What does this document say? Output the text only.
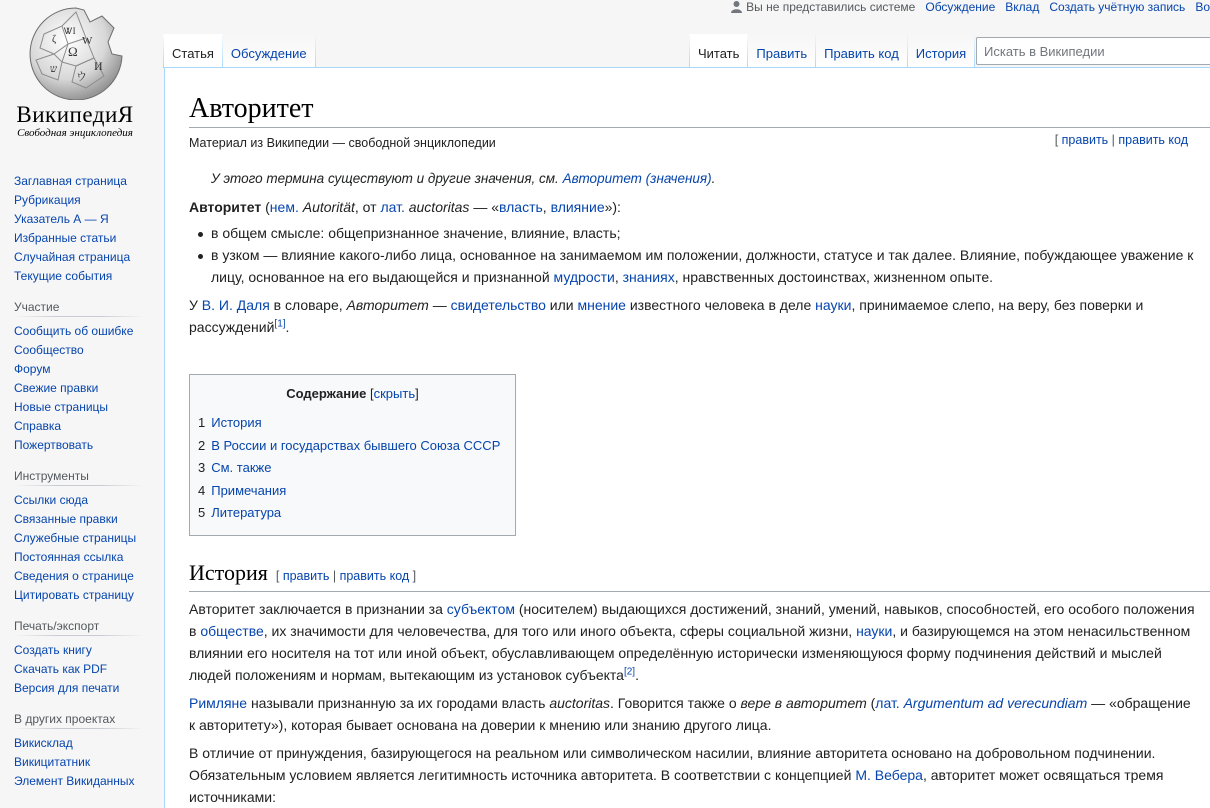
Вы не представились системе Обсуждение Вклад Создать учётную запись Во
Ω
W
ζ
И
ウ
ש
ᏔІ
ВикипедиЯ
Свободная энциклопедия
Заглавная страница
Рубрикация
Указатель А — Я
Избранные статьи
Случайная страница
Текущие события
Участие
Сообщить об ошибке
Сообщество
Форум
Свежие правки
Новые страницы
Справка
Пожертвовать
Инструменты
Ссылки сюда
Связанные правки
Служебные страницы
Постоянная ссылка
Сведения о странице
Цитировать страницу
Печать/экспорт
Создать книгу
Скачать как PDF
Версия для печати
В других проектах
Викисклад
Викицитатник
Элемент Викиданных
Статья Обсуждение	Читать Править Править код История	Искать в Википедии
Авторитет
Материал из Википедии — свободной энциклопедии	[ править | править код
У этого термина существуют и другие значения, см. Авторитет (значения).

Авторитет (нем. Autorität, от лат. auctoritas — «власть, влияние»):

в общем смысле: общепризнанное значение, влияние, власть;
в узком — влияние какого-либо лица, основанное на занимаемом им положении, должности, статусе и так далее. Влияние, побуждающее уважение к лицу, основанное на его выдающейся и признанной мудрости, знаниях, нравственных достоинствах, жизненном опыте.

У В. И. Даля в словаре, Авторитет — свидетельство или мнение известного человека в деле науки, принимаемое слепо, на веру, без поверки и рассуждений[1].

Содержание [скрыть]
1 История
2 В России и государствах бывшего Союза СССР
3 См. также
4 Примечания
5 Литература
История [ править | править код ]

Авторитет заключается в признании за субъектом (носителем) выдающихся достижений, знаний, умений, навыков, способностей, его особого положения в обществе, их значимости для человечества, для того или иного объекта, сферы социальной жизни, науки, и базирующемся на этом ненасильственном влиянии его носителя на тот или иной объект, обуславливающем определённую исторически изменяющуюся форму подчинения действий и мыслей людей положениям и нормам, вытекающим из установок субъекта[2].

Римляне называли признанную за их городами власть auctoritas. Говорится также о вере в авторитет (лат. Argumentum ad verecundiam — «обращение к авторитету»), которая бывает основана на доверии к мнению или знанию другого лица.

В отличие от принуждения, базирующегося на реальном или символическом насилии, влияние авторитета основано на добровольном подчинении. Обязательным условием является легитимность источника авторитета. В соответствии с концепцией М. Вебера, авторитет может освящаться тремя источниками:
